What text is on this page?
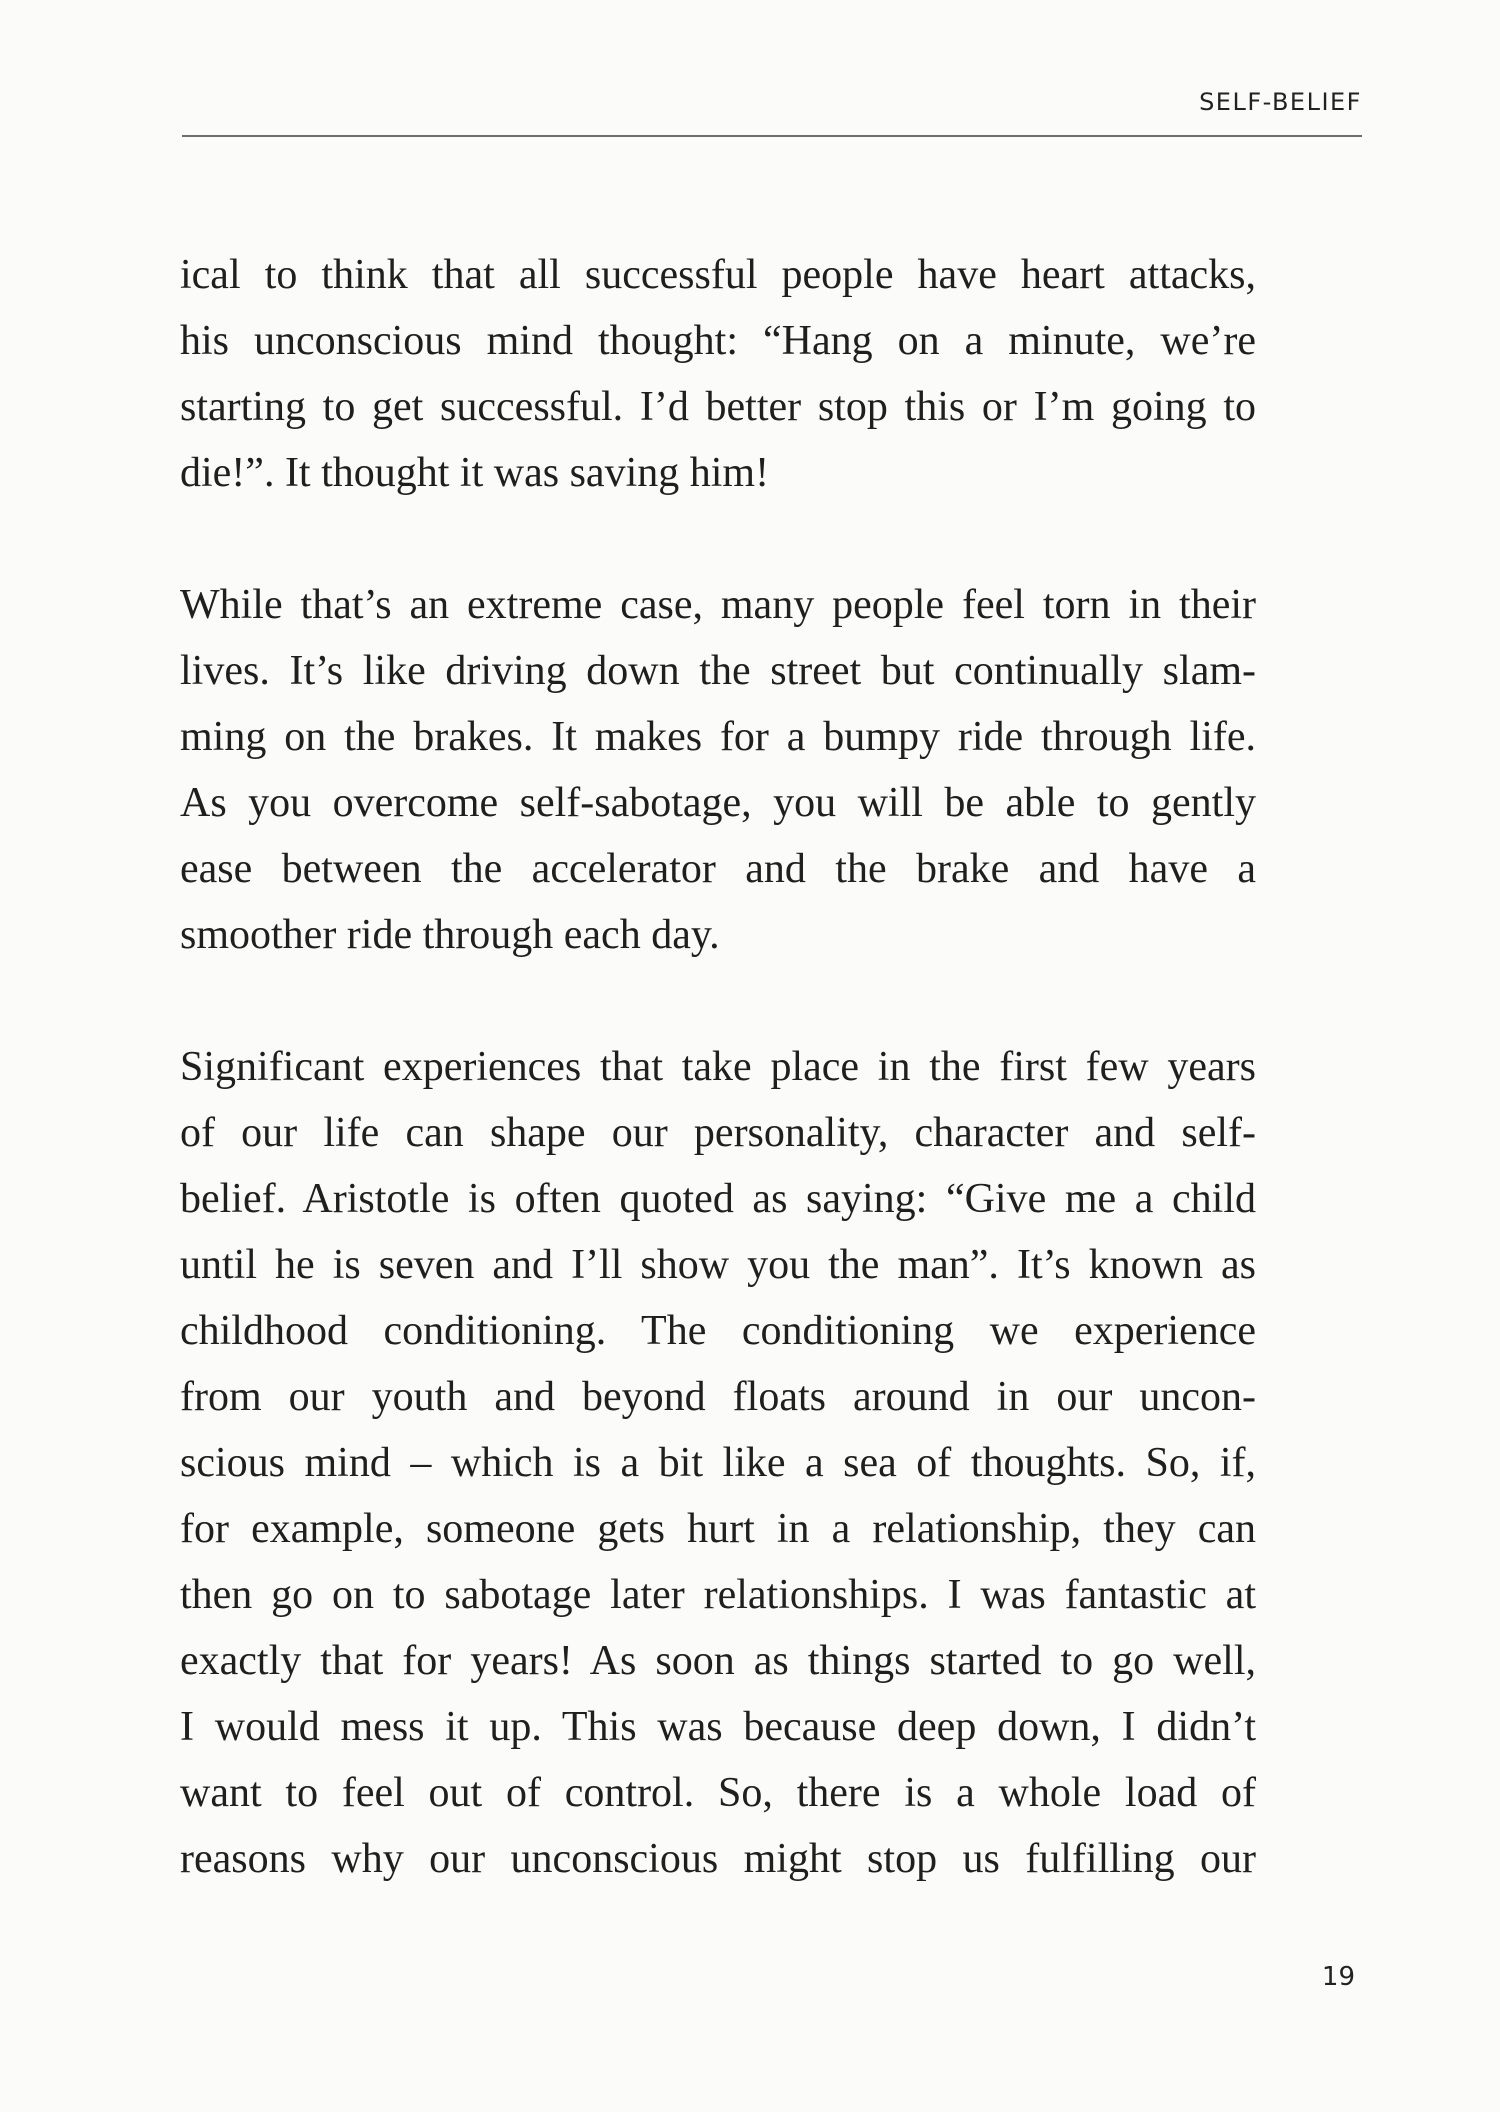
SELF-BELIEF

ical to think that all successful people have heart attacks,
his unconscious mind thought: “Hang on a minute, we’re
starting to get successful. I’d better stop this or I’m going to
die!”. It thought it was saving him!

While that’s an extreme case, many people feel torn in their
lives. It’s like driving down the street but continually slam-
ming on the brakes. It makes for a bumpy ride through life.
As you overcome self-sabotage, you will be able to gently
ease between the accelerator and the brake and have a
smoother ride through each day.

Significant experiences that take place in the first few years
of our life can shape our personality, character and self-
belief. Aristotle is often quoted as saying: “Give me a child
until he is seven and I’ll show you the man”. It’s known as
childhood conditioning. The conditioning we experience
from our youth and beyond floats around in our uncon-
scious mind – which is a bit like a sea of thoughts. So, if,
for example, someone gets hurt in a relationship, they can
then go on to sabotage later relationships. I was fantastic at
exactly that for years! As soon as things started to go well,
I would mess it up. This was because deep down, I didn’t
want to feel out of control. So, there is a whole load of
reasons why our unconscious might stop us fulfilling our

19
